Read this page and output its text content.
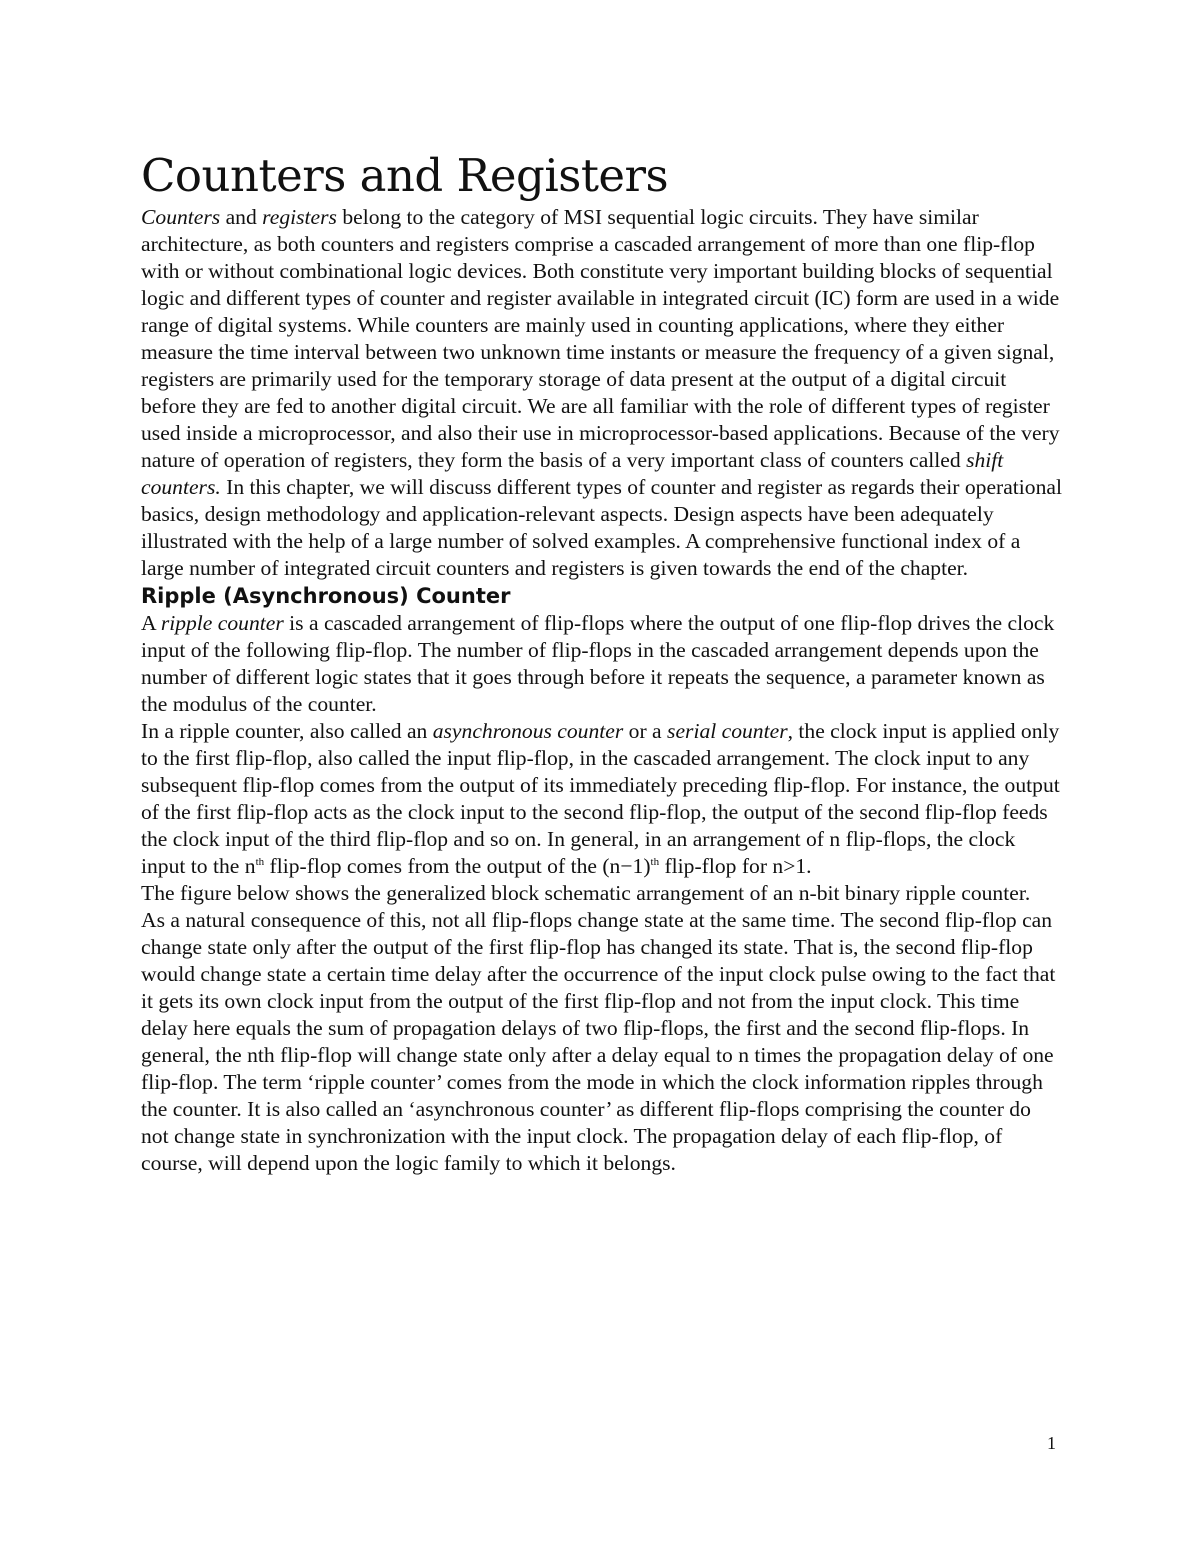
Counters and Registers

Counters and registers belong to the category of MSI sequential logic circuits. They have similar architecture, as both counters and registers comprise a cascaded arrangement of more than one flip-flop with or without combinational logic devices. Both constitute very important building blocks of sequential logic and different types of counter and register available in integrated circuit (IC) form are used in a wide range of digital systems. While counters are mainly used in counting applications, where they either measure the time interval between two unknown time instants or measure the frequency of a given signal, registers are primarily used for the temporary storage of data present at the output of a digital circuit before they are fed to another digital circuit. We are all familiar with the role of different types of register used inside a microprocessor, and also their use in microprocessor-based applications. Because of the very nature of operation of registers, they form the basis of a very important class of counters called shift counters. In this chapter, we will discuss different types of counter and register as regards their operational basics, design methodology and application-relevant aspects. Design aspects have been adequately illustrated with the help of a large number of solved examples. A comprehensive functional index of a large number of integrated circuit counters and registers is given towards the end of the chapter.

Ripple (Asynchronous) Counter

A ripple counter is a cascaded arrangement of flip-flops where the output of one flip-flop drives the clock input of the following flip-flop. The number of flip-flops in the cascaded arrangement depends upon the number of different logic states that it goes through before it repeats the sequence, a parameter known as the modulus of the counter.

In a ripple counter, also called an asynchronous counter or a serial counter, the clock input is applied only to the first flip-flop, also called the input flip-flop, in the cascaded arrangement. The clock input to any subsequent flip-flop comes from the output of its immediately preceding flip-flop. For instance, the output of the first flip-flop acts as the clock input to the second flip-flop, the output of the second flip-flop feeds the clock input of the third flip-flop and so on. In general, in an arrangement of n flip-flops, the clock input to the $n^{th}$ flip-flop comes from the output of the $(n-1)^{th}$ flip-flop for n>1.

The figure below shows the generalized block schematic arrangement of an n-bit binary ripple counter.

As a natural consequence of this, not all flip-flops change state at the same time. The second flip-flop can change state only after the output of the first flip-flop has changed its state. That is, the second flip-flop would change state a certain time delay after the occurrence of the input clock pulse owing to the fact that it gets its own clock input from the output of the first flip-flop and not from the input clock. This time delay here equals the sum of propagation delays of two flip-flops, the first and the second flip-flops. In general, the nth flip-flop will change state only after a delay equal to n times the propagation delay of one flip-flop. The term ‘ripple counter’ comes from the mode in which the clock information ripples through the counter. It is also called an ‘asynchronous counter’ as different flip-flops comprising the counter do not change state in synchronization with the input clock. The propagation delay of each flip-flop, of course, will depend upon the logic family to which it belongs.

1
